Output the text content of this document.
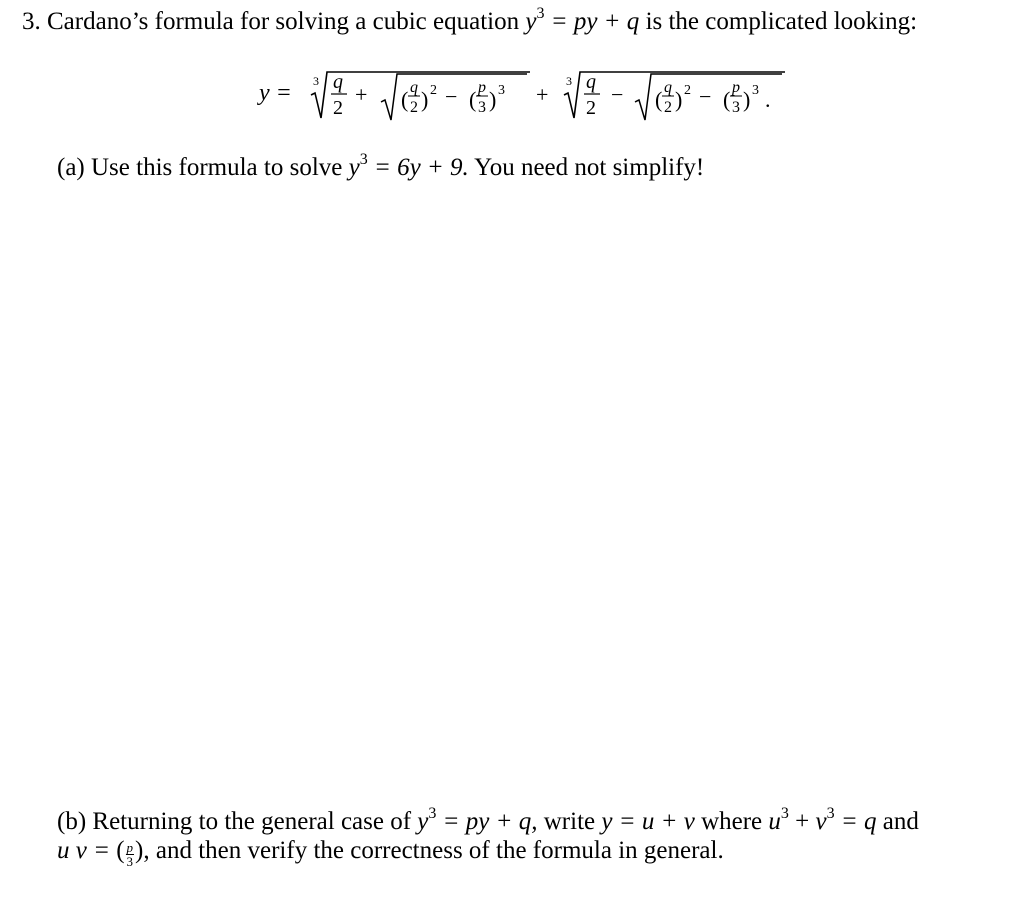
3. Cardano’s formula for solving a cubic equation $y^3$ = py + q is the complicated looking:
y = 3 q
2
+ ( q
2 ) 2 − ( p
3 ) 3 +
3 q
2
− ( q
2 ) 2 − ( p
3 ) 3 .
(a) Use this formula to solve $y^3 = 6y + 9$. You need not simplify!
(b) Returning to the general case of $y^3$ = py + q, write y = u + v where $u^3 + v^3 = q$ and
u v = ( $\frac{p}{3}$ ), and then verify the correctness of the formula in general.
